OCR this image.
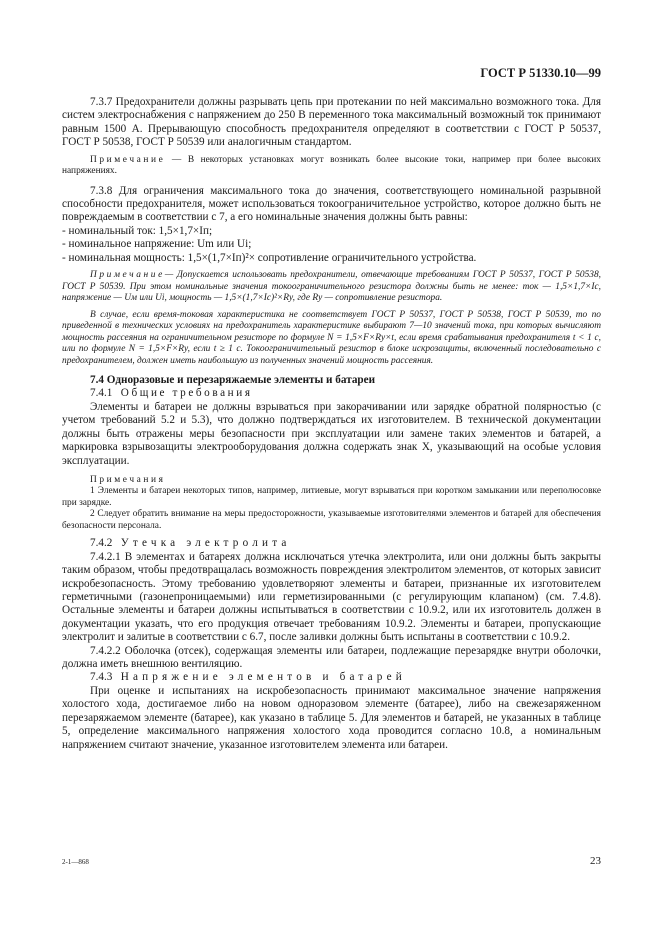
ГОСТ Р 51330.10—99

7.3.7 Предохранители должны разрывать цепь при протекании по ней максимально возможного тока. Для систем электроснабжения с напряжением до 250 В переменного тока максимальный возможный ток принимают равным 1500 А. Прерывающую способность предохранителя определяют в соответствии с ГОСТ Р 50537, ГОСТ Р 50538, ГОСТ Р 50539 или аналогичным стандартом.

Примечание — В некоторых установках могут возникать более высокие токи, например при более высоких напряжениях.

7.3.8 Для ограничения максимального тока до значения, соответствующего номинальной разрывной способности предохранителя, может использоваться токоограничительное устройство, которое должно быть не повреждаемым в соответствии с 7, а его номинальные значения должны быть равны:

- номинальный ток: 1,5×1,7×Iп;

- номинальное напряжение: Um или Ui;

- номинальная мощность: 1,5×(1,7×Iп)²× сопротивление ограничительного устройства.

Примечание— Допускается использовать предохранители, отвечающие требованиям ГОСТ Р 50537, ГОСТ Р 50538, ГОСТ Р 50539. При этом номинальные значения токоограничительного резистора должны быть не менее: ток — 1,5×1,7×Iс, напряжение — Uм или Ui, мощность — 1,5×(1,7×Iс)²×Rу, где Rу — сопротивление резистора.

В случае, если время-токовая характеристика не соответствует ГОСТ Р 50537, ГОСТ Р 50538, ГОСТ Р 50539, то по приведенной в технических условиях на предохранитель характеристике выбирают 7—10 значений тока, при которых вычисляют мощность рассеяния на ограничительном резисторе по формуле N = 1,5×F×Rу×t, если время срабатывания предохранителя t < 1 с, или по формуле N = 1,5×F×Rу, если t ≥ 1 с. Токоограничительный резистор в блоке искрозащиты, включенный последовательно с предохранителем, должен иметь наибольшую из полученных значений мощность рассеяния.

7.4 Одноразовые и перезаряжаемые элементы и батареи

7.4.1 Общие требования

Элементы и батареи не должны взрываться при закорачивании или зарядке обратной полярностью (с учетом требований 5.2 и 5.3), что должно подтверждаться их изготовителем. В технической документации должны быть отражены меры безопасности при эксплуатации или замене таких элементов и батарей, а маркировка взрывозащиты электрооборудования должна содержать знак X, указывающий на особые условия эксплуатации.

Примечания

1 Элементы и батареи некоторых типов, например, литиевые, могут взрываться при коротком замыкании или переполюсовке при зарядке.

2 Следует обратить внимание на меры предосторожности, указываемые изготовителями элементов и батарей для обеспечения безопасности персонала.

7.4.2 Утечка электролита

7.4.2.1 В элементах и батареях должна исключаться утечка электролита, или они должны быть закрыты таким образом, чтобы предотвращалась возможность повреждения электролитом элементов, от которых зависит искробезопасность. Этому требованию удовлетворяют элементы и батареи, признанные их изготовителем герметичными (газонепроницаемыми) или герметизированными (с регулирующим клапаном) (см. 7.4.8). Остальные элементы и батареи должны испытываться в соответствии с 10.9.2, или их изготовитель должен в документации указать, что его продукция отвечает требованиям 10.9.2. Элементы и батареи, пропускающие электролит и залитые в соответствии с 6.7, после заливки должны быть испытаны в соответствии с 10.9.2.

7.4.2.2 Оболочка (отсек), содержащая элементы или батареи, подлежащие перезарядке внутри оболочки, должна иметь внешнюю вентиляцию.

7.4.3 Напряжение элементов и батарей

При оценке и испытаниях на искробезопасность принимают максимальное значение напряжения холостого хода, достигаемое либо на новом одноразовом элементе (батарее), либо на свежезаряженном перезаряжаемом элементе (батарее), как указано в таблице 5. Для элементов и батарей, не указанных в таблице 5, определение максимального напряжения холостого хода проводится согласно 10.8, а номинальным напряжением считают значение, указанное изготовителем элемента или батареи.

2-1—868	23
